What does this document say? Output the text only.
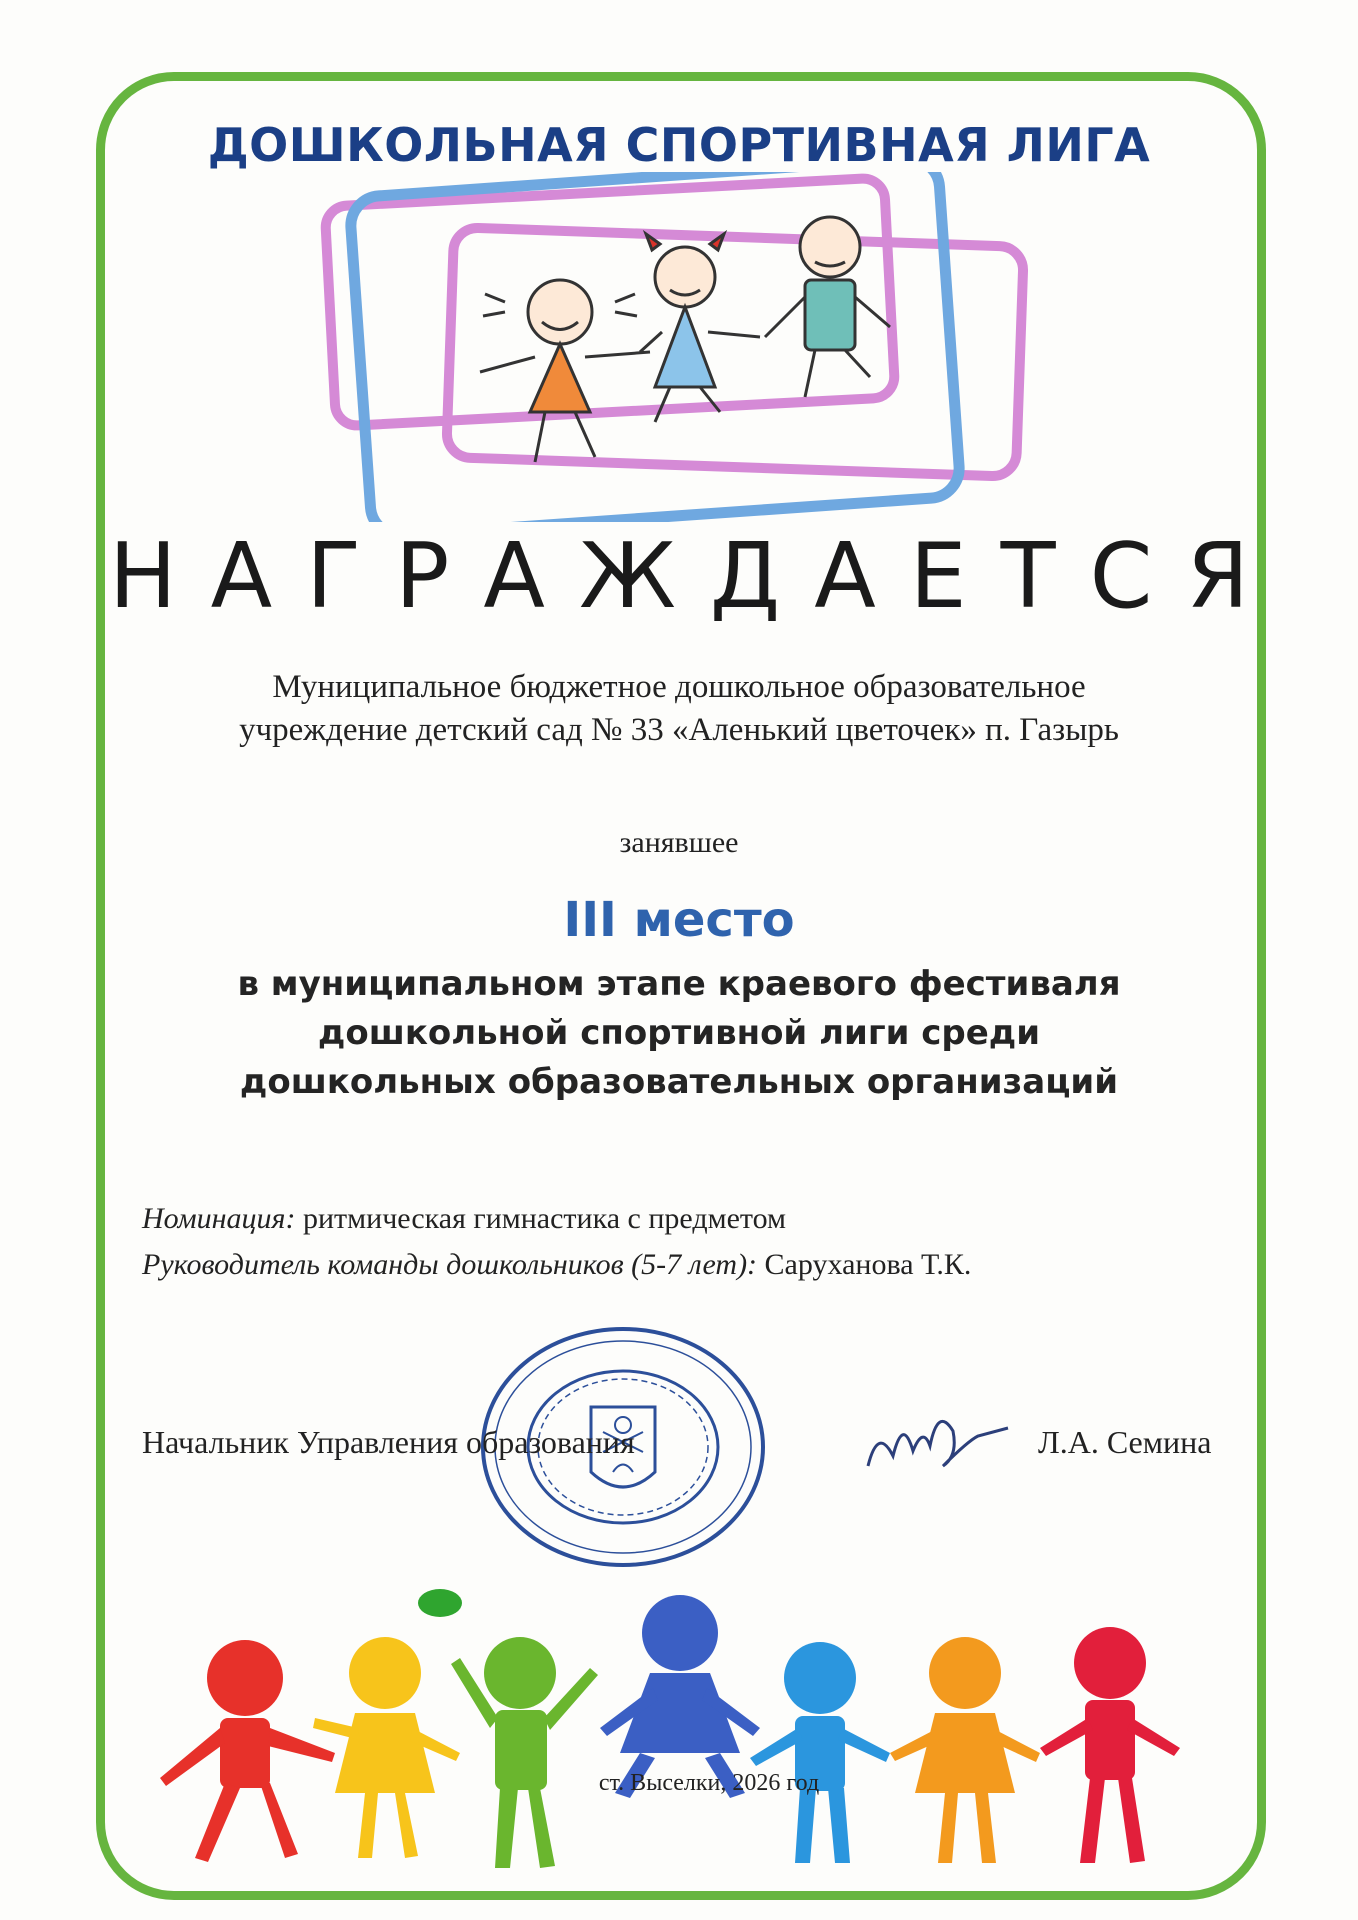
ДОШКОЛЬНАЯ СПОРТИВНАЯ ЛИГА
НАГРАЖДАЕТСЯ
Муниципальное бюджетное дошкольное образовательное
учреждение детский сад № 33 «Аленький цветочек» п. Газырь
занявшее
III место
в муниципальном этапе краевого фестиваля
дошкольной спортивной лиги среди
дошкольных образовательных организаций
Номинация: ритмическая гимнастика с предметом
Руководитель команды дошкольников (5-7 лет): Саруханова Т.К.
Начальник Управления образования	Л.А. Семина
ст. Выселки, 2026 год
